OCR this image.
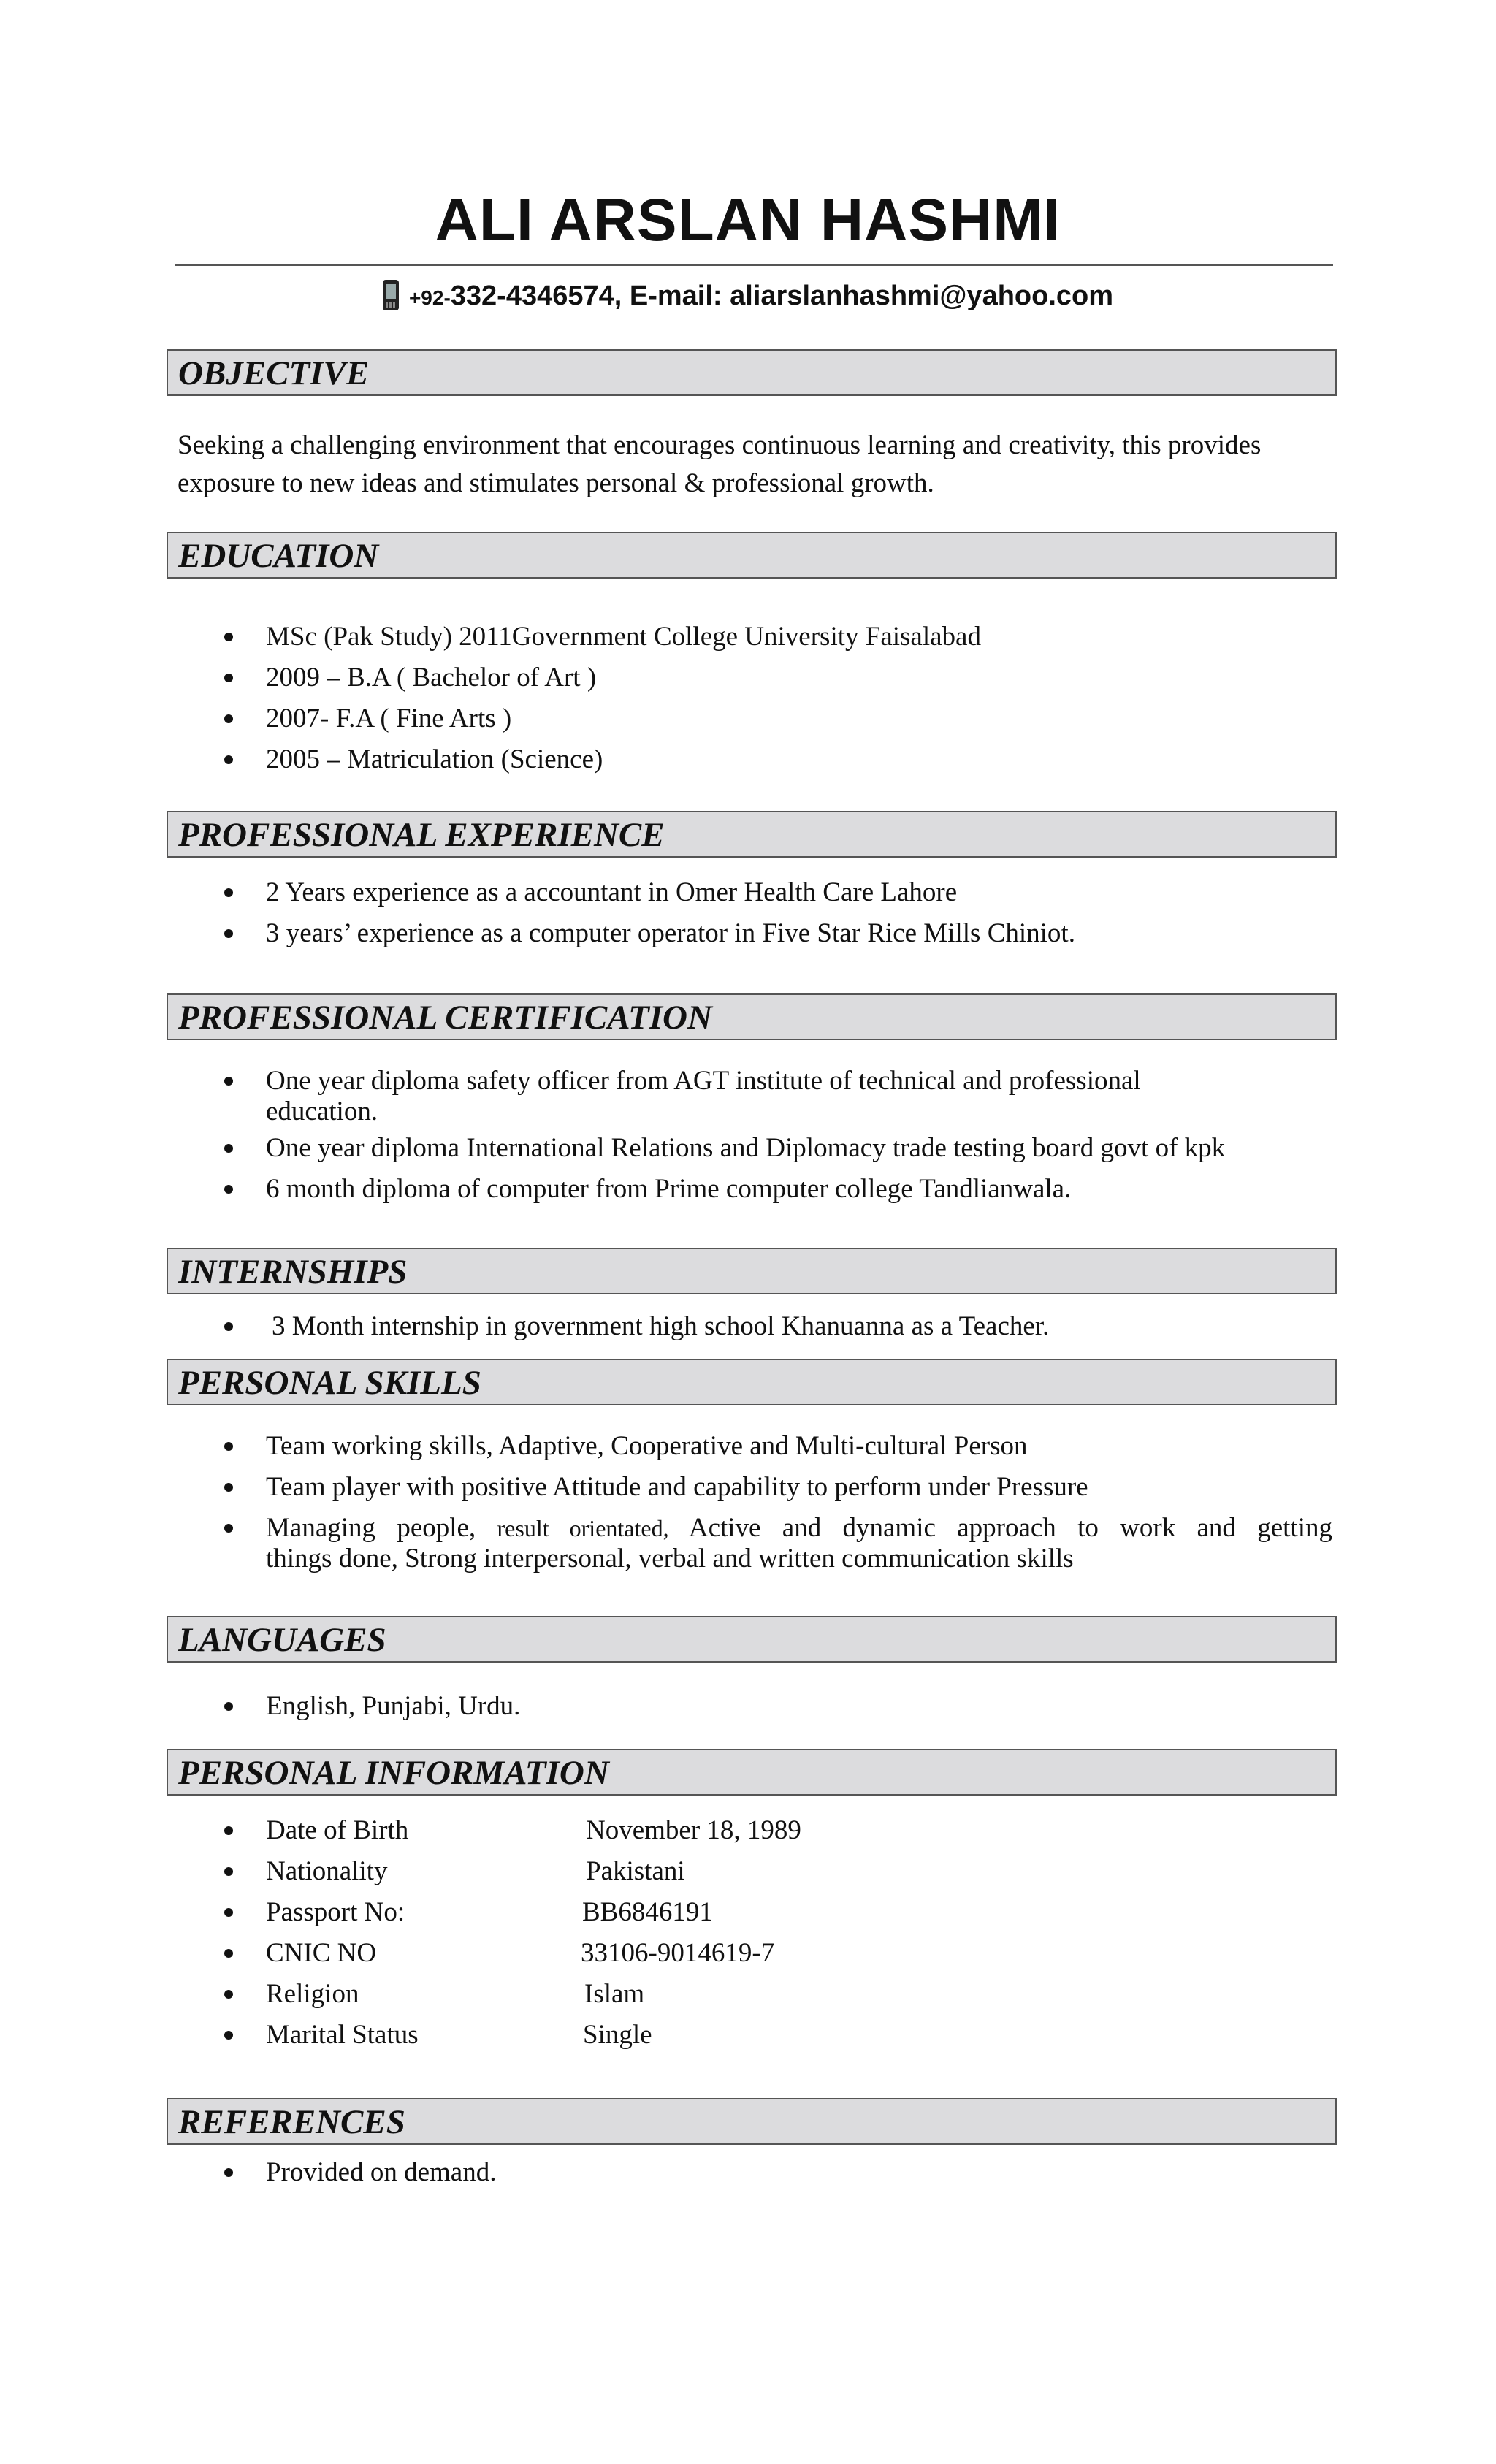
ALI ARSLAN HASHMI
+92-332-4346574, E-mail: aliarslanhashmi@yahoo.com
OBJECTIVE
Seeking a challenging environment that encourages continuous learning and creativity, this provides exposure to new ideas and stimulates personal & professional growth.
EDUCATION
MSc (Pak Study) 2011Government College University Faisalabad
2009 – B.A ( Bachelor of Art )
2007- F.A ( Fine Arts )
2005 – Matriculation (Science)
PROFESSIONAL EXPERIENCE
2 Years experience as a accountant in Omer Health Care Lahore
3 years’ experience as a computer operator in Five Star Rice Mills Chiniot.
PROFESSIONAL CERTIFICATION
One year diploma safety officer from AGT institute of technical and professional
education.
One year diploma International Relations and Diplomacy trade testing board govt of kpk
6 month diploma of computer from Prime computer college Tandlianwala.
INTERNSHIPS
3 Month internship in government high school Khanuanna as a Teacher.
PERSONAL SKILLS
Team working skills, Adaptive, Cooperative and Multi-cultural Person
Team player with positive Attitude and capability to perform under Pressure
Managing people, result orientated, Active and dynamic approach to work and getting
things done, Strong interpersonal, verbal and written communication skills
LANGUAGES
English, Punjabi, Urdu.
PERSONAL INFORMATION
Date of Birth	November 18, 1989
Nationality	Pakistani
Passport No:	BB6846191
CNIC NO	33106-9014619-7
Religion	Islam
Marital Status	Single
REFERENCES
Provided on demand.
